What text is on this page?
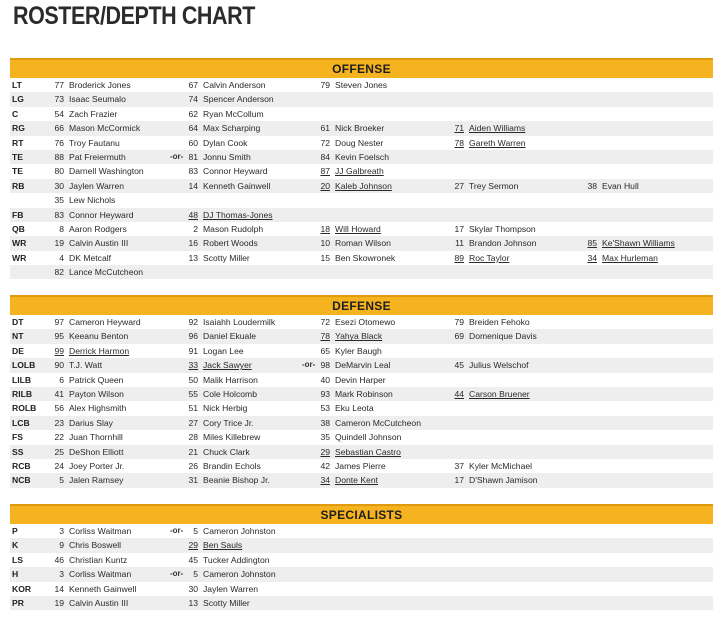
ROSTER/DEPTH CHART
OFFENSE
LT	77 Broderick Jones	67 Calvin Anderson	79 Steven Jones
LG	73 Isaac Seumalo	74 Spencer Anderson
C	54 Zach Frazier	62 Ryan McCollum
RG	66 Mason McCormick	64 Max Scharping	61 Nick Broeker	71 Aiden Williams
RT	76 Troy Fautanu	60 Dylan Cook	72 Doug Nester	78 Gareth Warren
TE	88 Pat Freiermuth	81 Jonnu Smith	84 Kevin Foelsch
-or-
TE	80 Darnell Washington	83 Connor Heyward	87 JJ Galbreath
RB	30 Jaylen Warren	14 Kenneth Gainwell	20 Kaleb Johnson	27 Trey Sermon	38 Evan Hull
35 Lew Nichols
FB	83 Connor Heyward	48 DJ Thomas-Jones
QB	8 Aaron Rodgers	2 Mason Rudolph	18 Will Howard	17 Skylar Thompson
WR	19 Calvin Austin III	16 Robert Woods	10 Roman Wilson	11 Brandon Johnson	85 Ke'Shawn Williams
WR	4 DK Metcalf	13 Scotty Miller	15 Ben Skowronek	89 Roc Taylor	34 Max Hurleman
82 Lance McCutcheon
DEFENSE
DT	97 Cameron Heyward	92 Isaiahh Loudermilk	72 Esezi Otomewo	79 Breiden Fehoko
NT	95 Keeanu Benton	96 Daniel Ekuale	78 Yahya Black	69 Domenique Davis
DE	99 Derrick Harmon	91 Logan Lee	65 Kyler Baugh
LOLB	90 T.J. Watt	33 Jack Sawyer	98 DeMarvin Leal	45 Julius Welschof
-or-
LILB	6 Patrick Queen	50 Malik Harrison	40 Devin Harper
RILB	41 Payton Wilson	55 Cole Holcomb	93 Mark Robinson	44 Carson Bruener
ROLB	56 Alex Highsmith	51 Nick Herbig	53 Eku Leota
LCB	23 Darius Slay	27 Cory Trice Jr.	38 Cameron McCutcheon
FS	22 Juan Thornhill	28 Miles Killebrew	35 Quindell Johnson
SS	25 DeShon Elliott	21 Chuck Clark	29 Sebastian Castro
RCB	24 Joey Porter Jr.	26 Brandin Echols	42 James Pierre	37 Kyler McMichael
NCB	5 Jalen Ramsey	31 Beanie Bishop Jr.	34 Donte Kent	17 D'Shawn Jamison
SPECIALISTS
P	3 Corliss Waitman	5 Cameron Johnston
-or-
K	9 Chris Boswell	29 Ben Sauls
LS	46 Christian Kuntz	45 Tucker Addington
H	3 Corliss Waitman	5 Cameron Johnston
-or-
KOR	14 Kenneth Gainwell	30 Jaylen Warren
PR	19 Calvin Austin III	13 Scotty Miller
